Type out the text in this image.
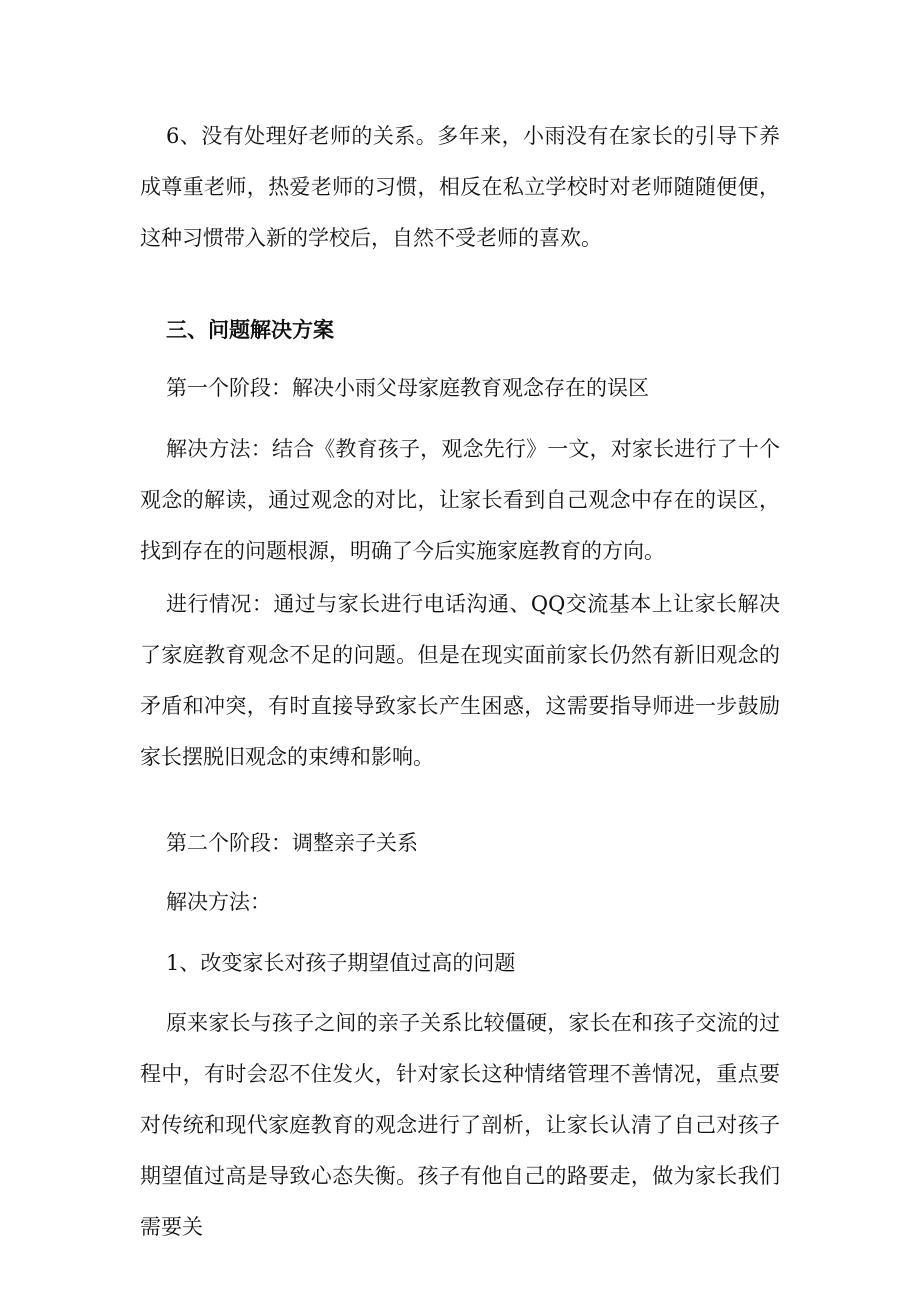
6、没有处理好老师的关系。多年来，小雨没有在家长的引导下养成尊重老师，热爱老师的习惯，相反在私立学校时对老师随随便便，这种习惯带入新的学校后，自然不受老师的喜欢。

三、问题解决方案

第一个阶段：解决小雨父母家庭教育观念存在的误区

解决方法：结合《教育孩子，观念先行》一文，对家长进行了十个观念的解读，通过观念的对比，让家长看到自己观念中存在的误区，找到存在的问题根源，明确了今后实施家庭教育的方向。

进行情况：通过与家长进行电话沟通、QQ交流基本上让家长解决了家庭教育观念不足的问题。但是在现实面前家长仍然有新旧观念的矛盾和冲突，有时直接导致家长产生困惑，这需要指导师进一步鼓励家长摆脱旧观念的束缚和影响。

第二个阶段：调整亲子关系

解决方法：

1、改变家长对孩子期望值过高的问题

原来家长与孩子之间的亲子关系比较僵硬，家长在和孩子交流的过程中，有时会忍不住发火，针对家长这种情绪管理不善情况，重点要对传统和现代家庭教育的观念进行了剖析，让家长认清了自己对孩子期望值过高是导致心态失衡。孩子有他自己的路要走，做为家长我们需要关
